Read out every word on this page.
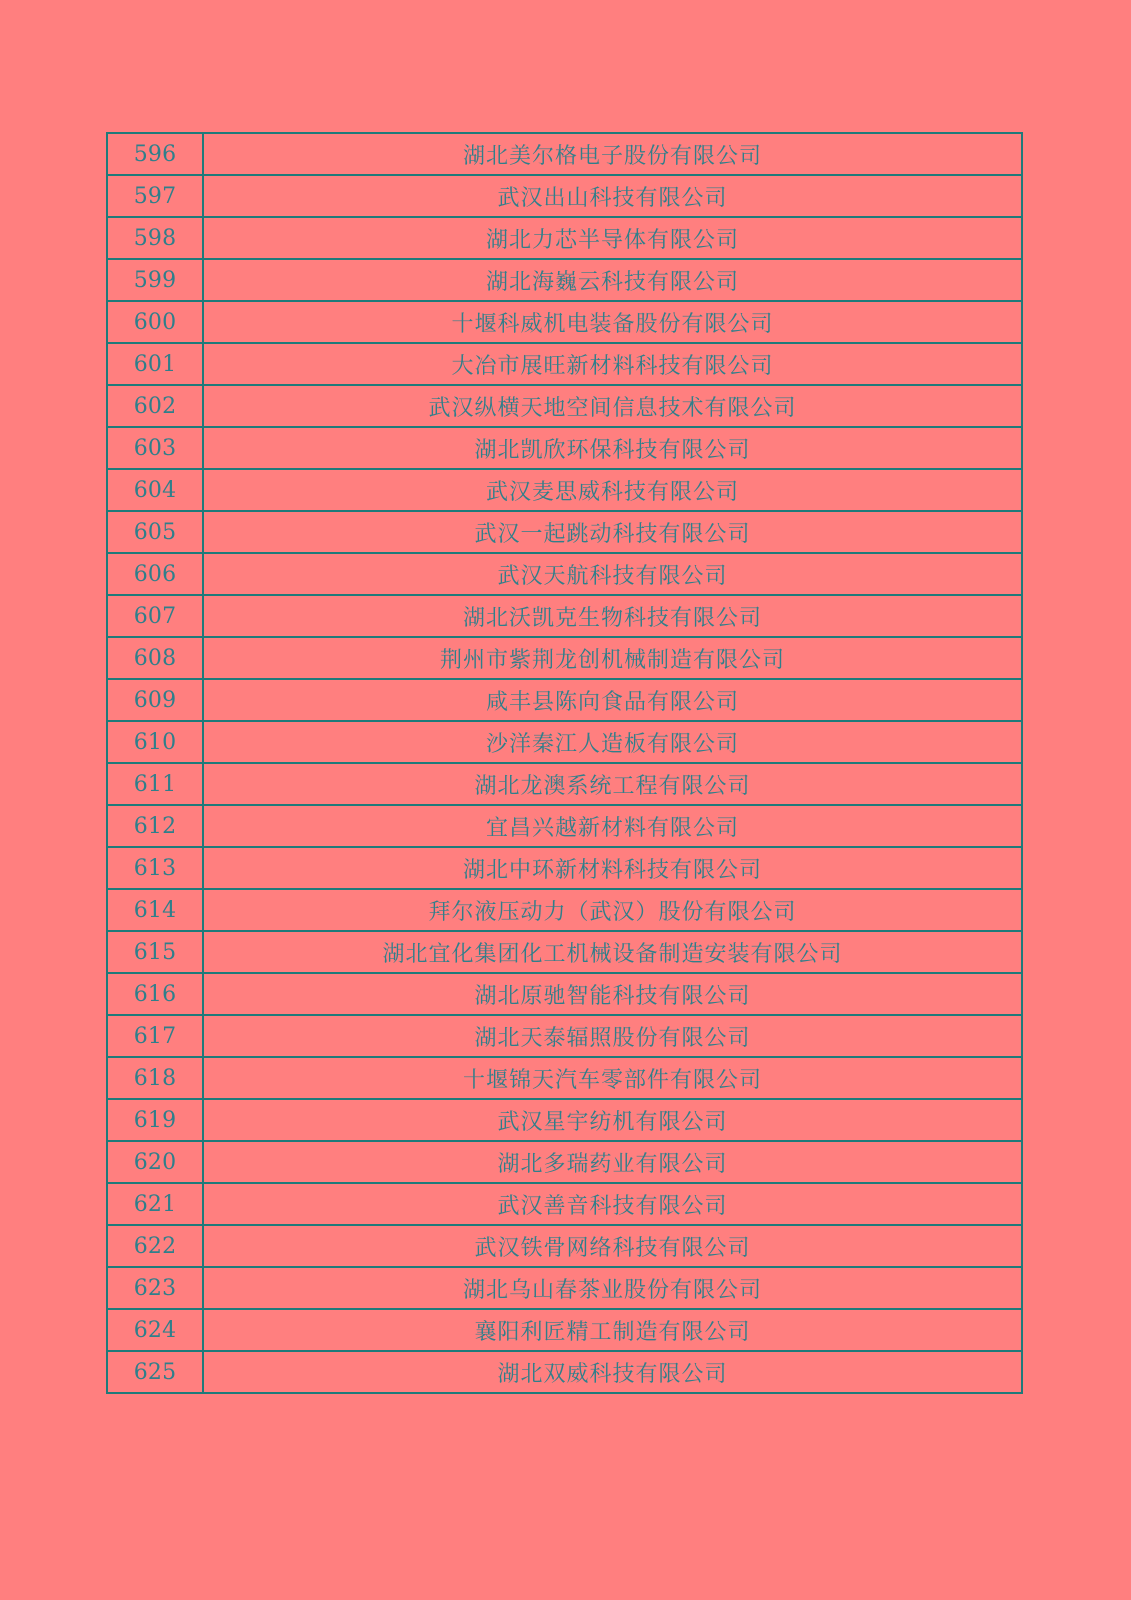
596	湖北美尔格电子股份有限公司
597	武汉出山科技有限公司
598	湖北力芯半导体有限公司
599	湖北海巍云科技有限公司
600	十堰科威机电装备股份有限公司
601	大冶市展旺新材料科技有限公司
602	武汉纵横天地空间信息技术有限公司
603	湖北凯欣环保科技有限公司
604	武汉麦思威科技有限公司
605	武汉一起跳动科技有限公司
606	武汉天航科技有限公司
607	湖北沃凯克生物科技有限公司
608	荆州市紫荆龙创机械制造有限公司
609	咸丰县陈向食品有限公司
610	沙洋秦江人造板有限公司
611	湖北龙澳系统工程有限公司
612	宜昌兴越新材料有限公司
613	湖北中环新材料科技有限公司
614	拜尔液压动力（武汉）股份有限公司
615	湖北宜化集团化工机械设备制造安装有限公司
616	湖北原驰智能科技有限公司
617	湖北天泰辐照股份有限公司
618	十堰锦天汽车零部件有限公司
619	武汉星宇纺机有限公司
620	湖北多瑞药业有限公司
621	武汉善音科技有限公司
622	武汉铁骨网络科技有限公司
623	湖北乌山春茶业股份有限公司
624	襄阳利匠精工制造有限公司
625	湖北双威科技有限公司
